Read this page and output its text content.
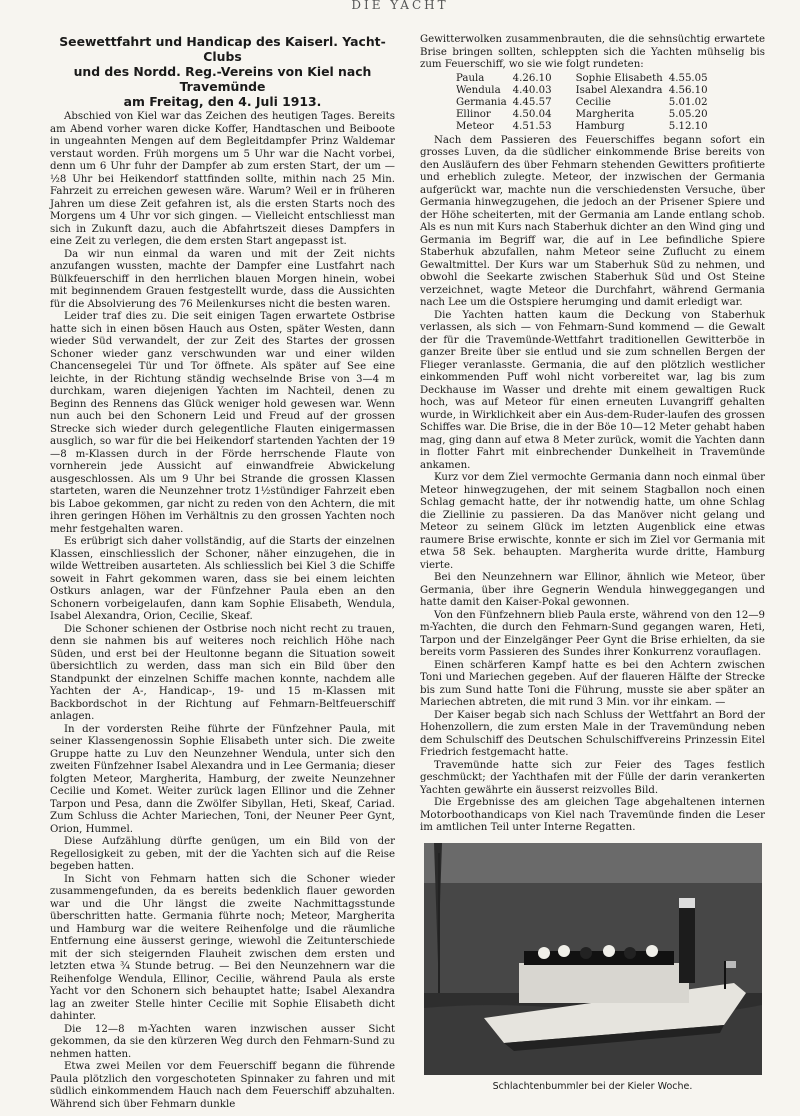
DIE YACHT
Seewettfahrt und Handicap des Kaiserl. Yacht-Clubs
und des Nordd. Reg.-Vereins von Kiel nach Travemünde
am Freitag, den 4. Juli 1913.

Abschied von Kiel war das Zeichen des heutigen Tages. Bereits am Abend vorher waren dicke Koffer, Handtaschen und Beiboote in ungeahnten Mengen auf dem Begleitdampfer Prinz Waldemar verstaut worden. Früh morgens um 5 Uhr war die Nacht vorbei, denn um 6 Uhr fuhr der Dampfer ab zum ersten Start, der um — ½8 Uhr bei Heikendorf stattfinden sollte, mithin nach 25 Min. Fahrzeit zu erreichen gewesen wäre. Warum? Weil er in früheren Jahren um diese Zeit gefahren ist, als die ersten Starts noch des Morgens um 4 Uhr vor sich gingen. — Vielleicht entschliesst man sich in Zukunft dazu, auch die Abfahrtszeit dieses Dampfers in eine Zeit zu verlegen, die dem ersten Start angepasst ist.

Da wir nun einmal da waren und mit der Zeit nichts anzufangen wussten, machte der Dampfer eine Lustfahrt nach Bülkfeuerschiff in den herrlichen blauen Morgen hinein, wobei mit beginnendem Grauen festgestellt wurde, dass die Aussichten für die Absolvierung des 76 Meilenkurses nicht die besten waren.

Leider traf dies zu. Die seit einigen Tagen erwartete Ostbrise hatte sich in einen bösen Hauch aus Osten, später Westen, dann wieder Süd verwandelt, der zur Zeit des Startes der grossen Schoner wieder ganz verschwunden war und einer wilden Chancensegelei Tür und Tor öffnete. Als später auf See eine leichte, in der Richtung ständig wechselnde Brise von 3—4 m durchkam, waren diejenigen Yachten im Nachteil, denen zu Beginn des Rennens das Glück weniger hold gewesen war. Wenn nun auch bei den Schonern Leid und Freud auf der grossen Strecke sich wieder durch gelegentliche Flauten einigermassen ausglich, so war für die bei Heikendorf startenden Yachten der 19—8 m-Klassen durch in der Förde herrschende Flaute von vornherein jede Aussicht auf einwandfreie Abwickelung ausgeschlossen. Als um 9 Uhr bei Strande die grossen Klassen starteten, waren die Neunzehner trotz 1½stündiger Fahrzeit eben bis Laboe gekommen, gar nicht zu reden von den Achtern, die mit ihren geringen Höhen im Verhältnis zu den grossen Yachten noch mehr festgehalten waren.

Es erübrigt sich daher vollständig, auf die Starts der einzelnen Klassen, einschliesslich der Schoner, näher einzugehen, die in wilde Wettreiben ausarteten. Als schliesslich bei Kiel 3 die Schiffe soweit in Fahrt gekommen waren, dass sie bei einem leichten Ostkurs anlagen, war der Fünfzehner Paula eben an den Schonern vorbeigelaufen, dann kam Sophie Elisabeth, Wendula, Isabel Alexandra, Orion, Cecilie, Skeaf.

Die Schoner schienen der Ostbrise noch nicht recht zu trauen, denn sie nahmen bis auf weiteres noch reichlich Höhe nach Süden, und erst bei der Heultonne begann die Situation soweit übersichtlich zu werden, dass man sich ein Bild über den Standpunkt der einzelnen Schiffe machen konnte, nachdem alle Yachten der A-, Handicap-, 19- und 15 m-Klassen mit Backbordschot in der Richtung auf Fehmarn-Beltfeuerschiff anlagen.

In der vordersten Reihe führte der Fünfzehner Paula, mit seiner Klassengenossin Sophie Elisabeth unter sich. Die zweite Gruppe hatte zu Luv den Neunzehner Wendula, unter sich den zweiten Fünfzehner Isabel Alexandra und in Lee Germania; dieser folgten Meteor, Margherita, Hamburg, der zweite Neunzehner Cecilie und Komet. Weiter zurück lagen Ellinor und die Zehner Tarpon und Pesa, dann die Zwölfer Sibyllan, Heti, Skeaf, Cariad. Zum Schluss die Achter Mariechen, Toni, der Neuner Peer Gynt, Orion, Hummel.

Diese Aufzählung dürfte genügen, um ein Bild von der Regellosigkeit zu geben, mit der die Yachten sich auf die Reise begeben hatten.

In Sicht von Fehmarn hatten sich die Schoner wieder zusammengefunden, da es bereits bedenklich flauer geworden war und die Uhr längst die zweite Nachmittagsstunde überschritten hatte. Germania führte noch; Meteor, Margherita und Hamburg war die weitere Reihenfolge und die räumliche Entfernung eine äusserst geringe, wiewohl die Zeitunterschiede mit der sich steigernden Flauheit zwischen dem ersten und letzten etwa ¾ Stunde betrug. — Bei den Neunzehnern war die Reihenfolge Wendula, Ellinor, Cecilie, während Paula als erste Yacht vor den Schonern sich behauptet hatte; Isabel Alexandra lag an zweiter Stelle hinter Cecilie mit Sophie Elisabeth dicht dahinter.

Die 12—8 m-Yachten waren inzwischen ausser Sicht gekommen, da sie den kürzeren Weg durch den Fehmarn-Sund zu nehmen hatten.

Etwa zwei Meilen vor dem Feuerschiff begann die führende Paula plötzlich den vorgeschoteten Spinnaker zu fahren und mit südlich einkommendem Hauch nach dem Feuerschiff abzuhalten. Während sich über Fehmarn dunkle

Gewitterwolken zusammenbrauten, die die sehnsüchtig erwartete Brise bringen sollten, schleppten sich die Yachten mühselig bis zum Feuerschiff, wo sie wie folgt rundeten:

Paula	4.26.10	Sophie Elisabeth	4.55.05
Wendula	4.40.03	Isabel Alexandra	4.56.10
Germania	4.45.57	Cecilie	5.01.02
Ellinor	4.50.04	Margherita	5.05.20
Meteor	4.51.53	Hamburg	5.12.10

Nach dem Passieren des Feuerschiffes begann sofort ein grosses Luven, da die südlicher einkommende Brise bereits von den Ausläufern des über Fehmarn stehenden Gewitters profitierte und erheblich zulegte. Meteor, der inzwischen der Germania aufgerückt war, machte nun die verschiedensten Versuche, über Germania hinwegzugehen, die jedoch an der Prisener Spiere und der Höhe scheiterten, mit der Germania am Lande entlang schob. Als es nun mit Kurs nach Staberhuk dichter an den Wind ging und Germania im Begriff war, die auf in Lee befindliche Spiere Staberhuk abzufallen, nahm Meteor seine Zuflucht zu einem Gewaltmittel. Der Kurs war um Staberhuk Süd zu nehmen, und obwohl die Seekarte zwischen Staberhuk Süd und Ost Steine verzeichnet, wagte Meteor die Durchfahrt, während Germania nach Lee um die Ostspiere herumging und damit erledigt war.

Die Yachten hatten kaum die Deckung von Staberhuk verlassen, als sich — von Fehmarn-Sund kommend — die Gewalt der für die Travemünde-Wettfahrt traditionellen Gewitterböe in ganzer Breite über sie entlud und sie zum schnellen Bergen der Flieger veranlasste. Germania, die auf den plötzlich westlicher einkommenden Puff wohl nicht vorbereitet war, lag bis zum Deckhause im Wasser und drehte mit einem gewaltigen Ruck hoch, was auf Meteor für einen erneuten Luvangriff gehalten wurde, in Wirklichkeit aber ein Aus-dem-Ruder-laufen des grossen Schiffes war. Die Brise, die in der Böe 10—12 Meter gehabt haben mag, ging dann auf etwa 8 Meter zurück, womit die Yachten dann in flotter Fahrt mit einbrechender Dunkelheit in Travemünde ankamen.

Kurz vor dem Ziel vermochte Germania dann noch einmal über Meteor hinwegzugehen, der mit seinem Stagballon noch einen Schlag gemacht hatte, der ihr notwendig hatte, um ohne Schlag die Ziellinie zu passieren. Da das Manöver nicht gelang und Meteor zu seinem Glück im letzten Augenblick eine etwas raumere Brise erwischte, konnte er sich im Ziel vor Germania mit etwa 58 Sek. behaupten. Margherita wurde dritte, Hamburg vierte.

Bei den Neunzehnern war Ellinor, ähnlich wie Meteor, über Germania, über ihre Gegnerin Wendula hinweggegangen und hatte damit den Kaiser-Pokal gewonnen.

Von den Fünfzehnern blieb Paula erste, während von den 12—9 m-Yachten, die durch den Fehmarn-Sund gegangen waren, Heti, Tarpon und der Einzelgänger Peer Gynt die Brise erhielten, da sie bereits vorm Passieren des Sundes ihrer Konkurrenz vorauflagen.

Einen schärferen Kampf hatte es bei den Achtern zwischen Toni und Mariechen gegeben. Auf der flaueren Hälfte der Strecke bis zum Sund hatte Toni die Führung, musste sie aber später an Mariechen abtreten, die mit rund 3 Min. vor ihr einkam. —

Der Kaiser begab sich nach Schluss der Wettfahrt an Bord der Hohenzollern, die zum ersten Male in der Travemündung neben dem Schulschiff des Deutschen Schulschiffvereins Prinzessin Eitel Friedrich festgemacht hatte.

Travemünde hatte sich zur Feier des Tages festlich geschmückt; der Yachthafen mit der Fülle der darin verankerten Yachten gewährte ein äusserst reizvolles Bild.

Die Ergebnisse des am gleichen Tage abgehaltenen internen Motorboothandicaps von Kiel nach Travemünde finden die Leser im amtlichen Teil unter Interne Regatten.

Schlachtenbummler bei der Kieler Woche.
